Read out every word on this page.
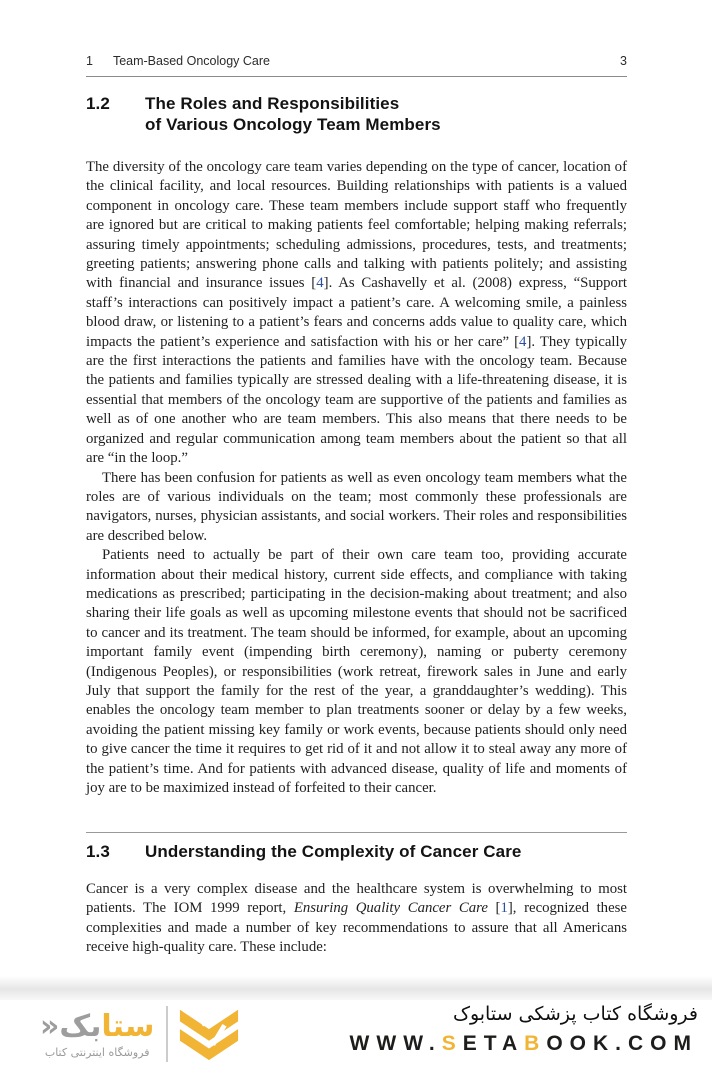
1 Team-Based Oncology Care	3
1.2	The Roles and Responsibilities
of Various Oncology Team Members

The diversity of the oncology care team varies depending on the type of cancer, location of the clinical facility, and local resources. Building relationships with patients is a valued component in oncology care. These team members include support staff who frequently are ignored but are critical to making patients feel comfortable; helping making referrals; assuring timely appointments; scheduling admissions, procedures, tests, and treatments; greeting patients; answering phone calls and talking with patients politely; and assisting with financial and insurance issues [4]. As Cashavelly et al. (2008) express, “Support staff’s interactions can positively impact a patient’s care. A welcoming smile, a painless blood draw, or listening to a patient’s fears and concerns adds value to quality care, which impacts the patient’s experience and satisfaction with his or her care” [4]. They typically are the first interactions the patients and families have with the oncology team. Because the patients and families typically are stressed dealing with a life-threatening disease, it is essential that members of the oncology team are supportive of the patients and families as well as of one another who are team members. This also means that there needs to be organized and regular communication among team members about the patient so that all are “in the loop.”

There has been confusion for patients as well as even oncology team members what the roles are of various individuals on the team; most commonly these professionals are navigators, nurses, physician assistants, and social workers. Their roles and responsibilities are described below.

Patients need to actually be part of their own care team too, providing accurate information about their medical history, current side effects, and compliance with taking medications as prescribed; participating in the decision-making about treatment; and also sharing their life goals as well as upcoming milestone events that should not be sacrificed to cancer and its treatment. The team should be informed, for example, about an upcoming important family event (impending birth ceremony), naming or puberty ceremony (Indigenous Peoples), or responsibilities (work retreat, firework sales in June and early July that support the family for the rest of the year, a granddaughter’s wedding). This enables the oncology team member to plan treatments sooner or delay by a few weeks, avoiding the patient missing key family or work events, because patients should only need to give cancer the time it requires to get rid of it and not allow it to steal away any more of the patient’s time. And for patients with advanced disease, quality of life and moments of joy are to be maximized instead of forfeited to their cancer.

1.3	Understanding the Complexity of Cancer Care

Cancer is a very complex disease and the healthcare system is overwhelming to most patients. The IOM 1999 report, Ensuring Quality Cancer Care [1], recognized these complexities and made a number of key recommendations to assure that all Americans receive high-quality care. These include:

ستابک«
فروشگاه اینترنتی کتاب
فروشگاه کتاب پزشکی ستابوک
WWW.SETABOOK.COM
